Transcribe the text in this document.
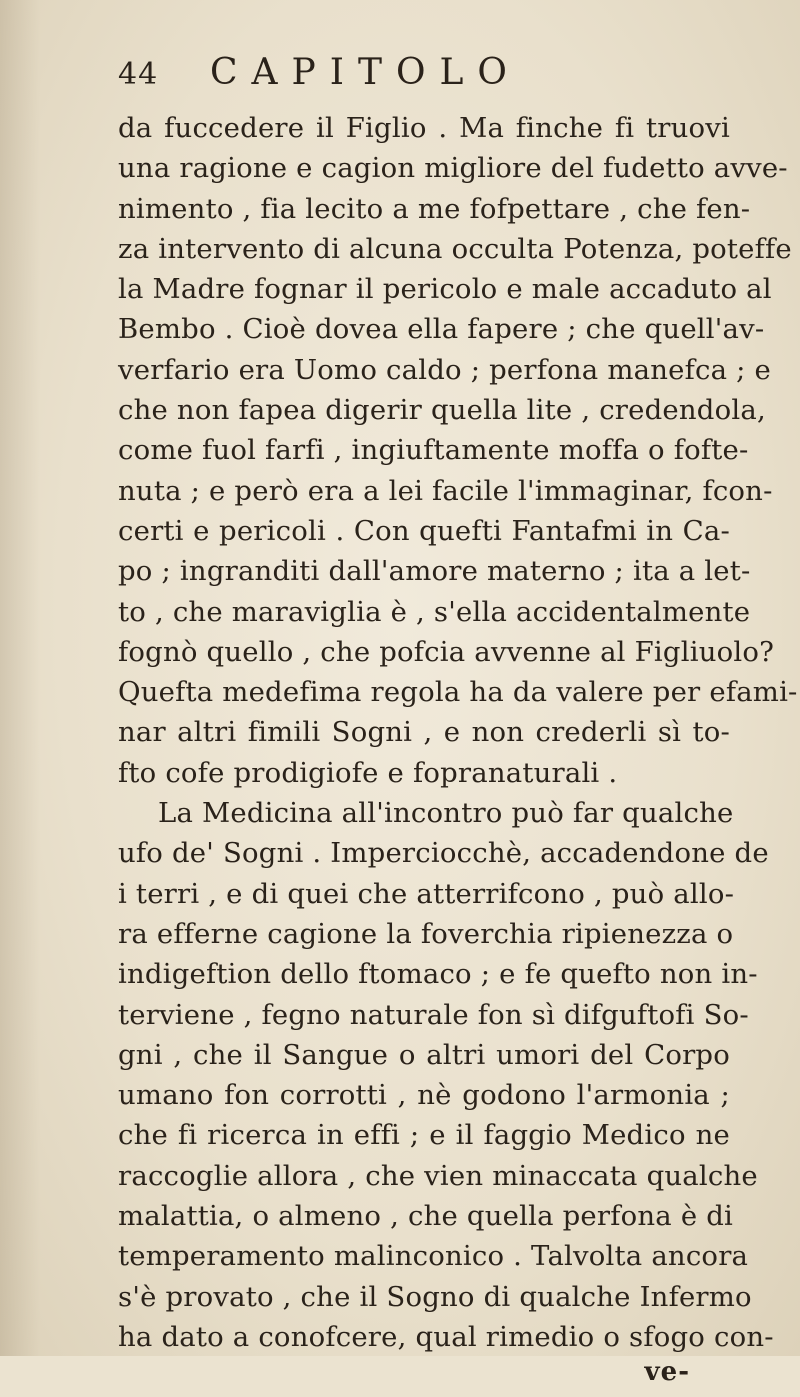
44	CAPITOLO
da fuccedere il Figlio . Ma finche fi truovi
una ragione e cagion migliore del fudetto avve-
nimento , fia lecito a me fofpettare , che fen-
za intervento di alcuna occulta Potenza, poteffe
la Madre fognar il pericolo e male accaduto al
Bembo . Cioè dovea ella fapere ; che quell'av-
verfario era Uomo caldo ; perfona manefca ; e
che non fapea digerir quella lite , credendola,
come fuol farfi , ingiuftamente moffa o fofte-
nuta ; e però era a lei facile l'immaginar, fcon-
certi e pericoli . Con quefti Fantafmi in Ca-
po ; ingranditi dall'amore materno ; ita a let-
to , che maraviglia è , s'ella accidentalmente
fognò quello , che pofcia avvenne al Figliuolo?
Quefta medefima regola ha da valere per efami-
nar altri fimili Sogni , e non crederli sì to-
fto cofe prodigiofe e fopranaturali .
La Medicina all'incontro può far qualche
ufo de' Sogni . Imperciocchè, accadendone de
i terri , e di quei che atterrifcono , può allo-
ra efferne cagione la foverchia ripienezza o
indigeftion dello ftomaco ; e fe quefto non in-
terviene , fegno naturale fon sì difguftofi So-
gni , che il Sangue o altri umori del Corpo
umano fon corrotti , nè godono l'armonia ;
che fi ricerca in effi ; e il faggio Medico ne
raccoglie allora , che vien minaccata qualche
malattia, o almeno , che quella perfona è di
temperamento malinconico . Talvolta ancora
s'è provato , che il Sogno di qualche Infermo
ha dato a conofcere, qual rimedio o sfogo con-
ve-
